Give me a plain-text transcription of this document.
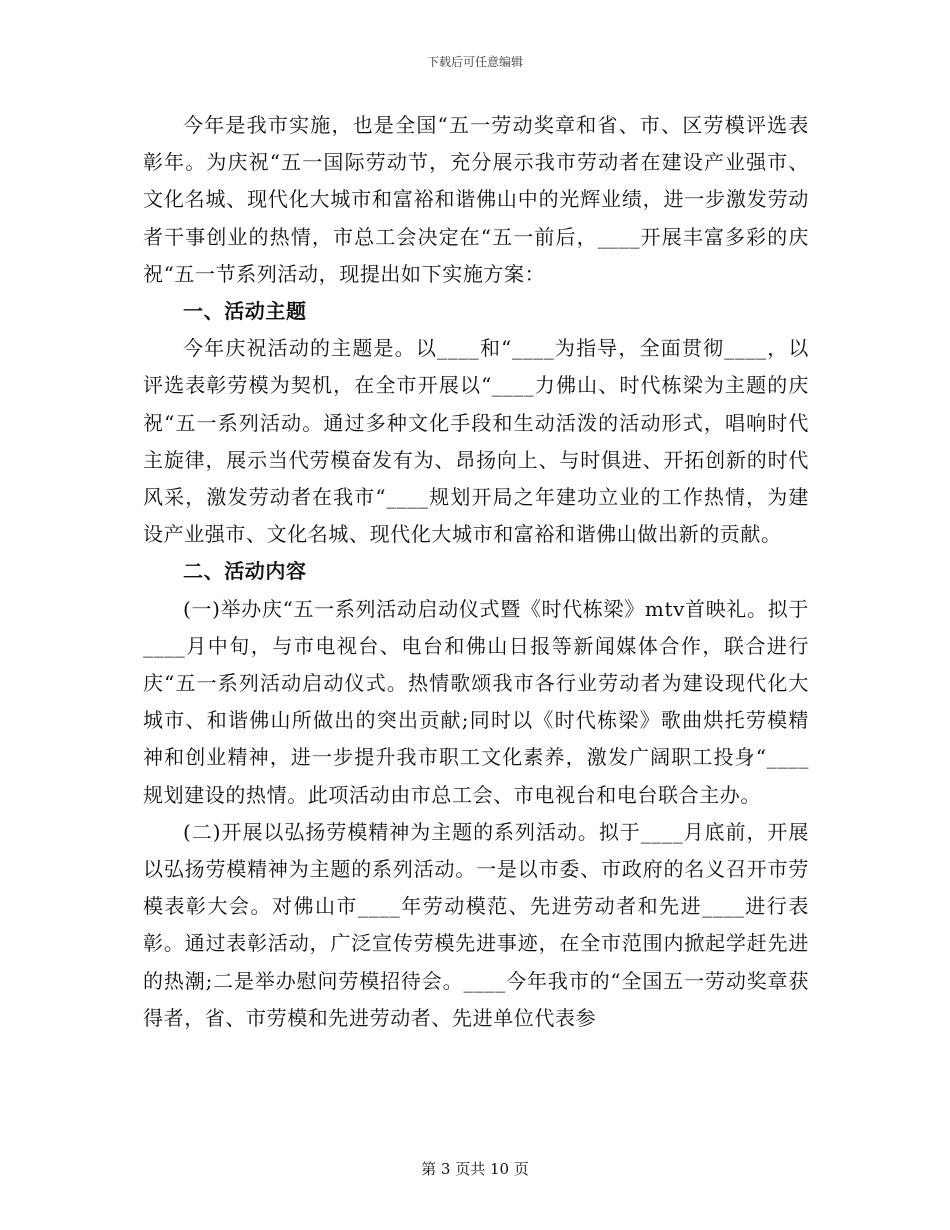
下载后可任意编辑

今年是我市实施，也是全国“五一劳动奖章和省、市、区劳模评选表彰年。为庆祝“五一国际劳动节，充分展示我市劳动者在建设产业强市、文化名城、现代化大城市和富裕和谐佛山中的光辉业绩，进一步激发劳动者干事创业的热情，市总工会决定在“五一前后，____开展丰富多彩的庆祝“五一节系列活动，现提出如下实施方案：

一、活动主题

今年庆祝活动的主题是。以____和“____为指导，全面贯彻____，以评选表彰劳模为契机，在全市开展以“____力佛山、时代栋梁为主题的庆祝“五一系列活动。通过多种文化手段和生动活泼的活动形式，唱响时代主旋律，展示当代劳模奋发有为、昂扬向上、与时俱进、开拓创新的时代风采，激发劳动者在我市“____规划开局之年建功立业的工作热情，为建设产业强市、文化名城、现代化大城市和富裕和谐佛山做出新的贡献。

二、活动内容

(一)举办庆“五一系列活动启动仪式暨《时代栋梁》mtv首映礼。拟于____月中旬，与市电视台、电台和佛山日报等新闻媒体合作，联合进行庆“五一系列活动启动仪式。热情歌颂我市各行业劳动者为建设现代化大城市、和谐佛山所做出的突出贡献;同时以《时代栋梁》歌曲烘托劳模精神和创业精神，进一步提升我市职工文化素养，激发广阔职工投身“____规划建设的热情。此项活动由市总工会、市电视台和电台联合主办。

(二)开展以弘扬劳模精神为主题的系列活动。拟于____月底前，开展以弘扬劳模精神为主题的系列活动。一是以市委、市政府的名义召开市劳模表彰大会。对佛山市____年劳动模范、先进劳动者和先进____进行表彰。通过表彰活动，广泛宣传劳模先进事迹，在全市范围内掀起学赶先进的热潮;二是举办慰问劳模招待会。____今年我市的“全国五一劳动奖章获得者，省、市劳模和先进劳动者、先进单位代表参

第 3 页共 10 页
